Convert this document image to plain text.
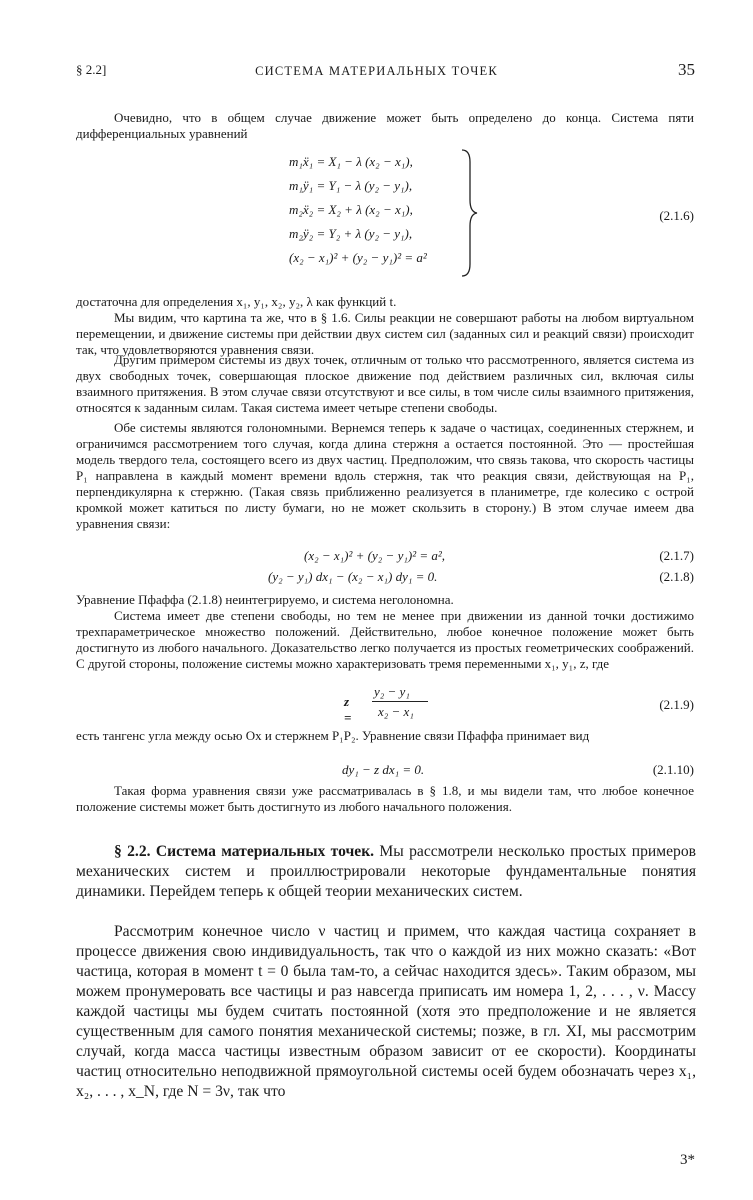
§ 2.2]	СИСТЕМА МАТЕРИАЛЬНЫХ ТОЧЕК	35

Очевидно, что в общем случае движение может быть определено до конца. Система пяти дифференциальных уравнений

m₁ẍ₁ = X₁ − λ (x₂ − x₁),
m₁ÿ₁ = Y₁ − λ (y₂ − y₁),
m₂ẍ₂ = X₂ + λ (x₂ − x₁),
m₂ÿ₂ = Y₂ + λ (y₂ − y₁),
(x₂ − x₁)² + (y₂ − y₁)² = a²
(2.1.6)

достаточна для определения x₁, y₁, x₂, y₂, λ как функций t.

Мы видим, что картина та же, что в § 1.6. Силы реакции не совершают работы на любом виртуальном перемещении, и движение системы при действии двух систем сил (заданных сил и реакций связи) происходит так, что удовлетворяются уравнения связи.

Другим примером системы из двух точек, отличным от только что рассмотренного, является система из двух свободных точек, совершающая плоское движение под действием различных сил, включая силы взаимного притяжения. В этом случае связи отсутствуют и все силы, в том числе силы взаимного притяжения, относятся к заданным силам. Такая система имеет четыре степени свободы.

Обе системы являются голономными. Вернемся теперь к задаче о частицах, соединенных стержнем, и ограничимся рассмотрением того случая, когда длина стержня a остается постоянной. Это — простейшая модель твердого тела, состоящего всего из двух частиц. Предположим, что связь такова, что скорость частицы P₁ направлена в каждый момент времени вдоль стержня, так что реакция связи, действующая на P₁, перпендикулярна к стержню. (Такая связь приближенно реализуется в планиметре, где колесико с острой кромкой может катиться по листу бумаги, но не может скользить в сторону.) В этом случае имеем два уравнения связи:

(x₂ − x₁)² + (y₂ − y₁)² = a²,	(2.1.7)
(y₂ − y₁) dx₁ − (x₂ − x₁) dy₁ = 0.	(2.1.8)

Уравнение Пфаффа (2.1.8) неинтегрируемо, и система неголономна.

Система имеет две степени свободы, но тем не менее при движении из данной точки достижимо трехпараметрическое множество положений. Действительно, любое конечное положение может быть достигнуто из любого начального. Доказательство легко получается из простых геометрических соображений. С другой стороны, положение системы можно характеризовать тремя переменными x₁, y₁, z, где

z =
y₂ − y₁
x₂ − x₁	(2.1.9)

есть тангенс угла между осью Ox и стержнем P₁P₂. Уравнение связи Пфаффа принимает вид

dy₁ − z dx₁ = 0.	(2.1.10)

Такая форма уравнения связи уже рассматривалась в § 1.8, и мы видели там, что любое конечное положение системы может быть достигнуто из любого начального положения.

§ 2.2. Система материальных точек. Мы рассмотрели несколько простых примеров механических систем и проиллюстрировали некоторые фундаментальные понятия динамики. Перейдем теперь к общей теории механических систем.

Рассмотрим конечное число ν частиц и примем, что каждая частица сохраняет в процессе движения свою индивидуальность, так что о каждой из них можно сказать: «Вот частица, которая в момент t = 0 была там-то, а сейчас находится здесь». Таким образом, мы можем пронумеровать все частицы и раз навсегда приписать им номера 1, 2, . . . , ν. Массу каждой частицы мы будем считать постоянной (хотя это предположение и не является существенным для самого понятия механической системы; позже, в гл. XI, мы рассмотрим случай, когда масса частицы известным образом зависит от ее скорости). Координаты частиц относительно неподвижной прямоугольной системы осей будем обозначать через x₁, x₂, . . . , x_N, где N = 3ν, так что

3*
